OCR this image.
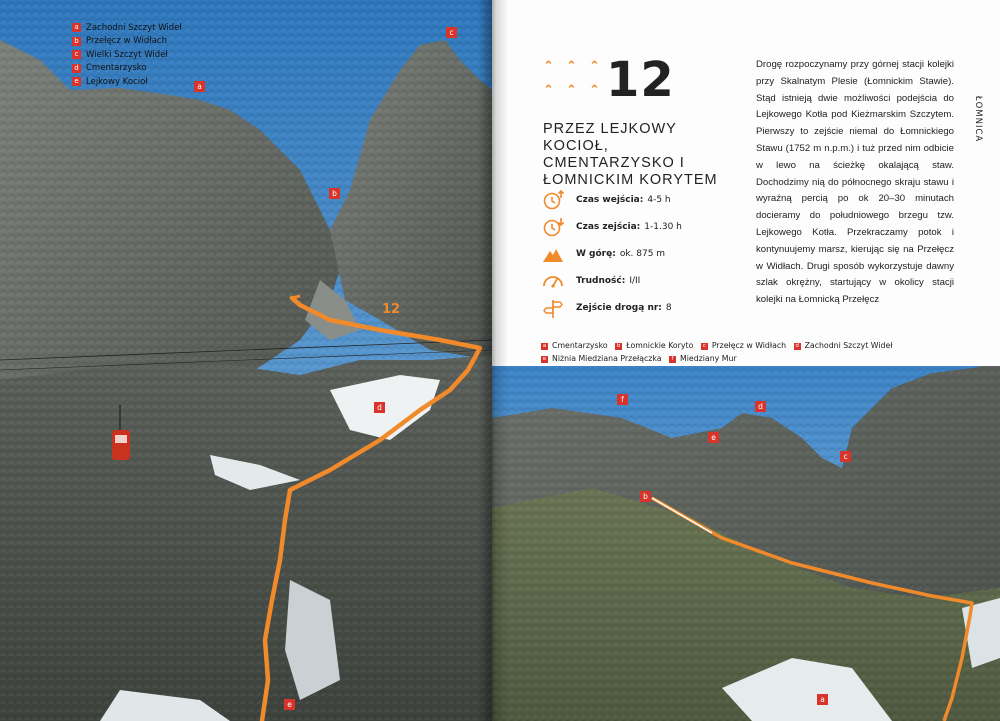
a Zachodni Szczyt Wideł
b Przełęcz w Widłach
c Wielki Szczyt Wideł
d Cmentarzysko
e Lejkowy Kocioł	a
b
c
d
e
12
f
d
e
c
b
a
⌃ ⌃ ⌃
⌃ ⌃ ⌃ 12
PRZEZ LEJKOWY KOCIOŁ, CMENTARZYSKO I ŁOMNICKIM KORYTEM
Czas wejścia: 4-5 h
Czas zejścia: 1-1.30 h
W górę: ok. 875 m
Trudność: I/II
Zejście drogą nr: 8
Drogę rozpoczynamy przy górnej stacji kolejki przy Skalnatym Plesie (Łomnickim Stawie). Stąd istnieją dwie możliwości podejścia do Lejkowego Kotła pod Kieżmarskim Szczytem. Pierwszy to zejście niemal do Łomnickiego Stawu (1752 m n.p.m.) i tuż przed nim odbicie w lewo na ścieżkę okalającą staw. Dochodzimy nią do północnego skraju stawu i wyraźną percią po ok 20–30 minutach docieramy do południowego brzegu tzw. Lejkowego Kotła. Przekraczamy potok i kontynuujemy marsz, kierując się na Przełęcz w Widłach. Drugi sposób wykorzystuje dawny szlak okrężny, startujący w okolicy stacji kolejki na Łomnicką Przełęcz
ŁOMNICA
a Cmentarzysko b Łomnickie Koryto c Przełęcz w Widłach d Zachodni Szczyt Wideł
e Niżnia Miedziana Przełączka f Miedziany Mur
